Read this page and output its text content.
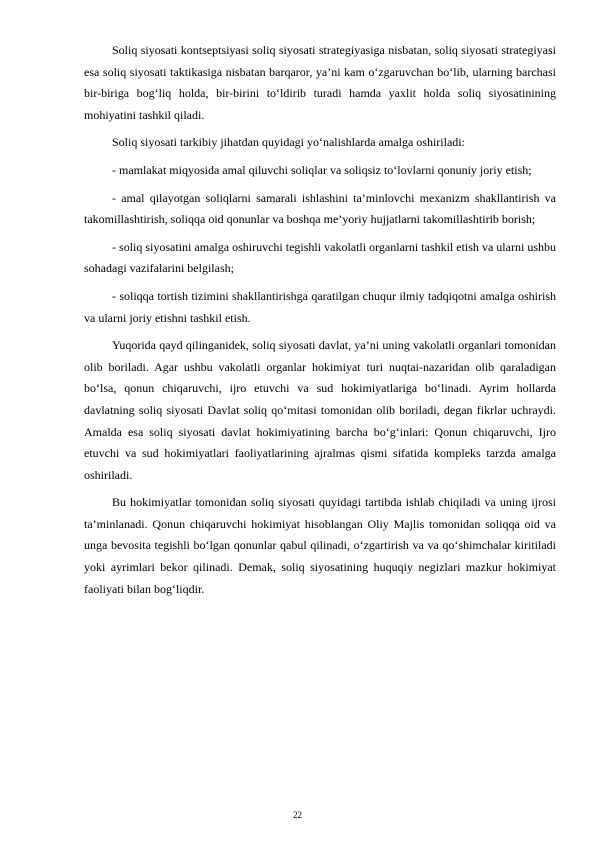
Soliq siyosati kontseptsiyasi soliq siyosati strategiyasiga nisbatan, soliq siyosati strategiyasi esa soliq siyosati taktikasiga nisbatan barqaror, ya’ni kam o‘zgaruvchan bo‘lib, ularning barchasi bir-biriga bog‘liq holda, bir-birini to‘ldirib turadi hamda yaxlit holda soliq siyosatinining mohiyatini tashkil qiladi.

Soliq siyosati tarkibiy jihatdan quyidagi yo‘nalishlarda amalga oshiriladi:

- mamlakat miqyosida amal qiluvchi soliqlar va soliqsiz to‘lovlarni qonuniy joriy etish;

- amal qilayotgan soliqlarni samarali ishlashini ta’minlovchi mexanizm shakllantirish va takomillashtirish, soliqqa oid qonunlar va boshqa me’yoriy hujjatlarni takomillashtirib borish;

- soliq siyosatini amalga oshiruvchi tegishli vakolatli organlarni tashkil etish va ularni ushbu sohadagi vazifalarini belgilash;

- soliqqa tortish tizimini shakllantirishga qaratilgan chuqur ilmiy tadqiqotni amalga oshirish va ularni joriy etishni tashkil etish.

Yuqorida qayd qilinganidek, soliq siyosati davlat, ya’ni uning vakolatli organlari tomonidan olib boriladi. Agar ushbu vakolatli organlar hokimiyat turi nuqtai-nazaridan olib qaraladigan bo‘lsa, qonun chiqaruvchi, ijro etuvchi va sud hokimiyatlariga bo‘linadi. Ayrim hollarda davlatning soliq siyosati Davlat soliq qo‘mitasi tomonidan olib boriladi, degan fikrlar uchraydi. Amalda esa soliq siyosati davlat hokimiyatining barcha bo‘g‘inlari: Qonun chiqaruvchi, Ijro etuvchi va sud hokimiyatlari faoliyatlarining ajralmas qismi sifatida kompleks tarzda amalga oshiriladi.

Bu hokimiyatlar tomonidan soliq siyosati quyidagi tartibda ishlab chiqiladi va uning ijrosi ta’minlanadi. Qonun chiqaruvchi hokimiyat hisoblangan Oliy Majlis tomonidan soliqqa oid va unga bevosita tegishli bo‘lgan qonunlar qabul qilinadi, o‘zgartirish va va qo‘shimchalar kiritiladi yoki ayrimlari bekor qilinadi. Demak, soliq siyosatining huquqiy negizlari mazkur hokimiyat faoliyati bilan bog‘liqdir.

22
